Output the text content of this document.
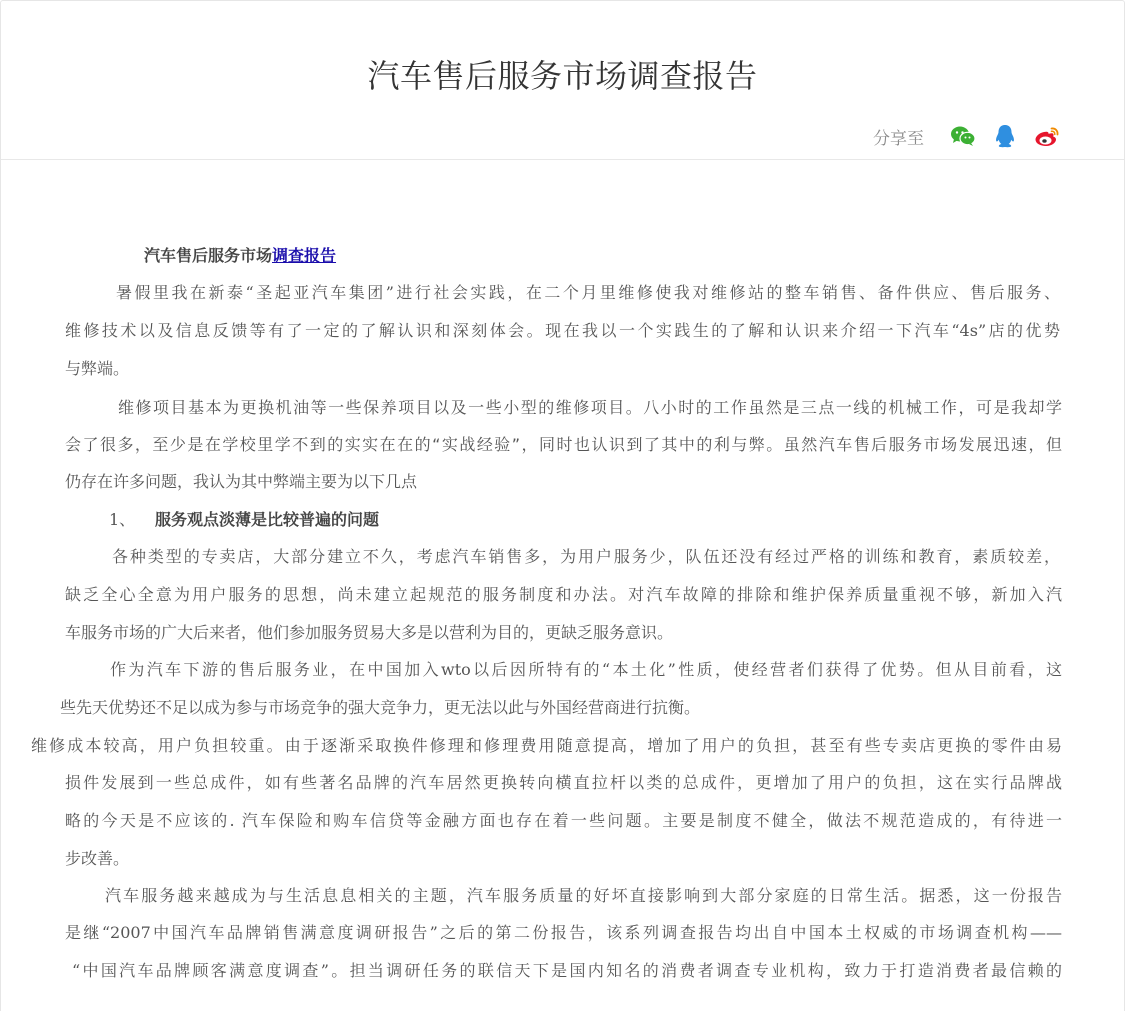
汽车售后服务市场调查报告
分享至
汽车售后服务市场调查报告
暑假里我在新泰“圣起亚汽车集团”进行社会实践，在二个月里维修使我对维修站的整车销售、备件供应、售后服务、
维修技术以及信息反馈等有了一定的了解认识和深刻体会。现在我以一个实践生的了解和认识来介绍一下汽车“4s”店的优势
与弊端。
维修项目基本为更换机油等一些保养项目以及一些小型的维修项目。八小时的工作虽然是三点一线的机械工作，可是我却学
会了很多，至少是在学校里学不到的实实在在的“实战经验”，同时也认识到了其中的利与弊。虽然汽车售后服务市场发展迅速，但
仍存在许多问题，我认为其中弊端主要为以下几点
1、 服务观点淡薄是比较普遍的问题
各种类型的专卖店，大部分建立不久，考虑汽车销售多，为用户服务少，队伍还没有经过严格的训练和教育，素质较差，
缺乏全心全意为用户服务的思想，尚未建立起规范的服务制度和办法。对汽车故障的排除和维护保养质量重视不够，新加入汽
车服务市场的广大后来者，他们参加服务贸易大多是以营利为目的，更缺乏服务意识。
作为汽车下游的售后服务业，在中国加入wto以后因所特有的“本土化”性质，使经营者们获得了优势。但从目前看，这
些先天优势还不足以成为参与市场竞争的强大竞争力，更无法以此与外国经营商进行抗衡。
维修成本较高，用户负担较重。由于逐渐采取换件修理和修理费用随意提高，增加了用户的负担，甚至有些专卖店更换的零件由易
损件发展到一些总成件，如有些著名品牌的汽车居然更换转向横直拉杆以类的总成件，更增加了用户的负担，这在实行品牌战
略的今天是不应该的. 汽车保险和购车信贷等金融方面也存在着一些问题。主要是制度不健全，做法不规范造成的，有待进一
步改善。
汽车服务越来越成为与生活息息相关的主题，汽车服务质量的好坏直接影响到大部分家庭的日常生活。据悉，这一份报告
是继“2007中国汽车品牌销售满意度调研报告”之后的第二份报告，该系列调查报告均出自中国本土权威的市场调查机构——
“中国汽车品牌顾客满意度调查”。担当调研任务的联信天下是国内知名的消费者调查专业机构，致力于打造消费者最信赖的
